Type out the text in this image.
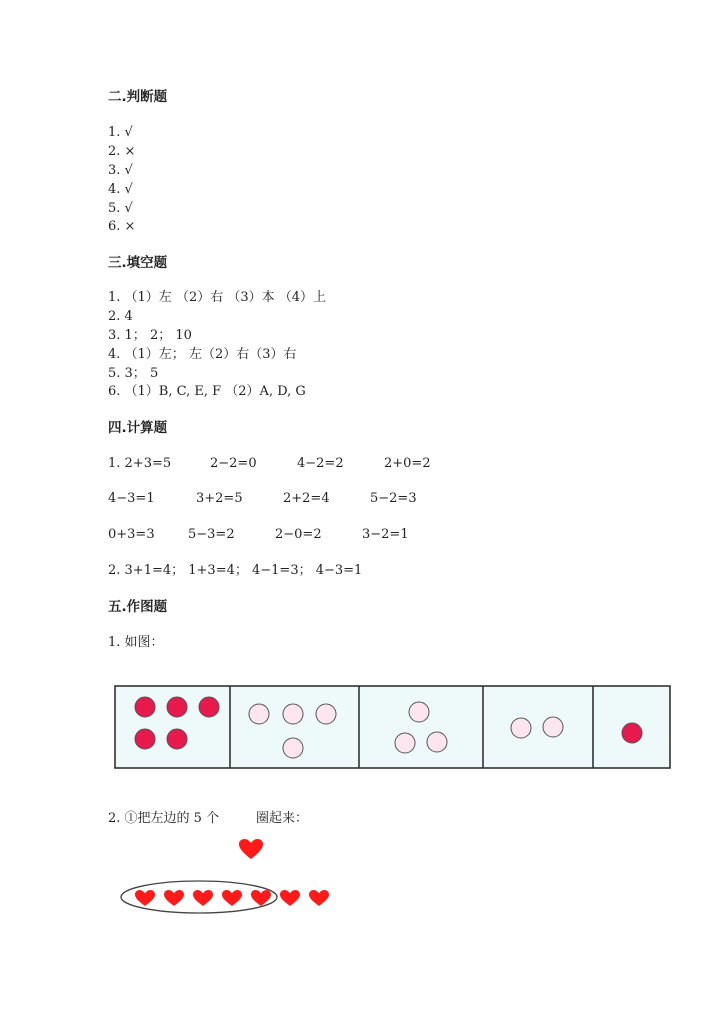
二.判断题
1. √
2. ×
3. √
4. √
5. √
6. ×
三.填空题
1. （1）左 （2）右 （3）本 （4）上
2. 4
3. 1； 2； 10
4. （1）左； 左（2）右（3）右
5. 3； 5
6. （1）B, C, E, F （2）A, D, G
四.计算题
1. 2+3=5	2−2=0	4−2=2	2+0=2
4−3=1	3+2=5	2+2=4	5−2=3
0+3=3	5−3=2	2−0=2	3−2=1
2. 3+1=4； 1+3=4； 4−1=3； 4−3=1
五.作图题
1. 如图：
2. ①把左边的 5 个

	圈起来：
